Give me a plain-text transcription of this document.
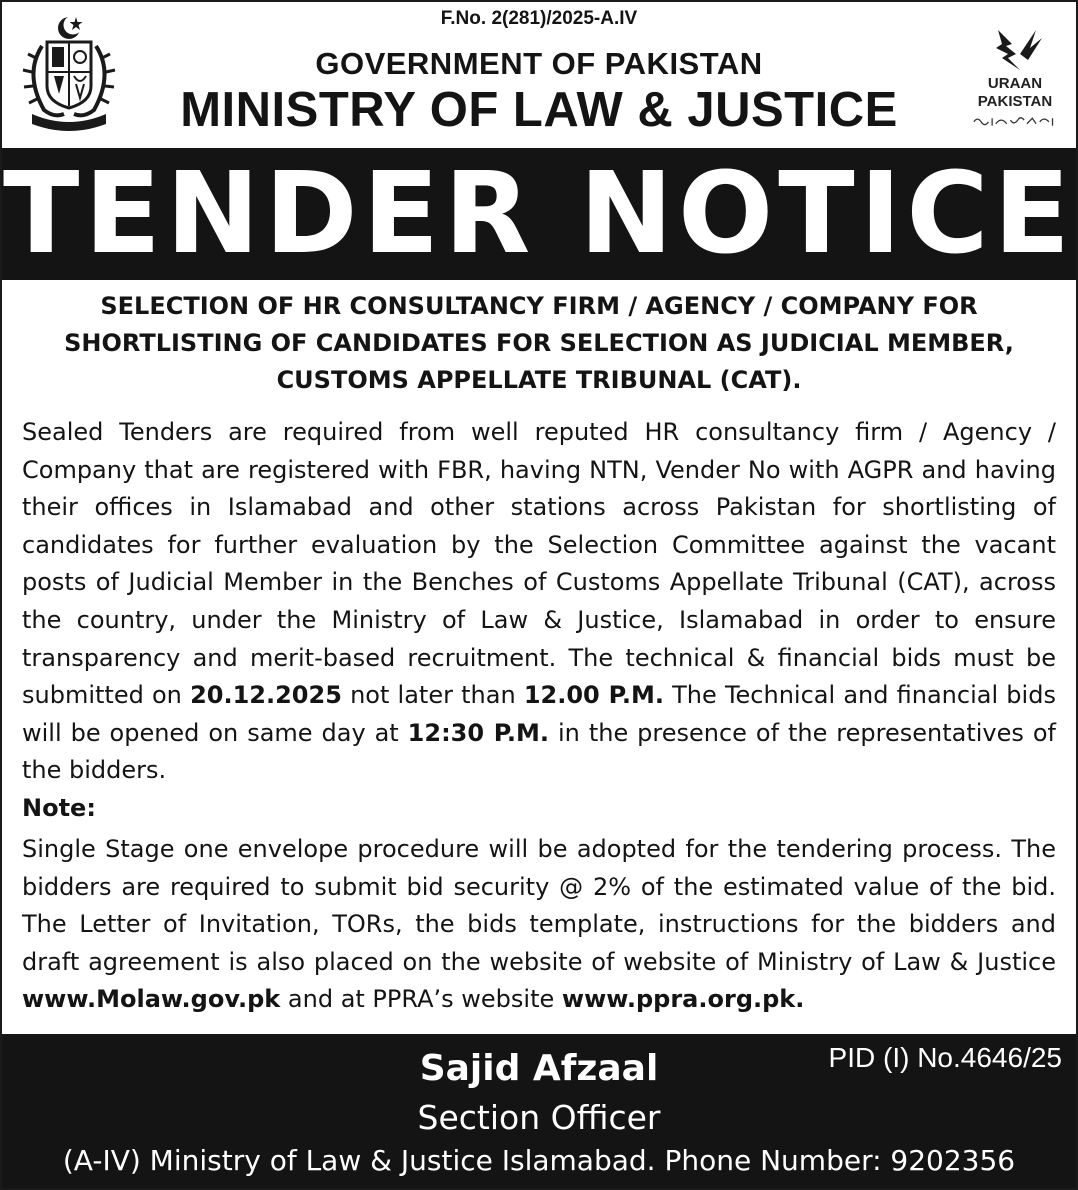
F.No. 2(281)/2025-A.IV
GOVERNMENT OF PAKISTAN
MINISTRY OF LAW & JUSTICE	URAAN
PAKISTAN
TENDER NOTICE
SELECTION OF HR CONSULTANCY FIRM / AGENCY / COMPANY FOR
SHORTLISTING OF CANDIDATES FOR SELECTION AS JUDICIAL MEMBER,
CUSTOMS APPELLATE TRIBUNAL (CAT).
Sealed Tenders are required from well reputed HR consultancy firm / Agency / Company that are registered with FBR, having NTN, Vender No with AGPR and having their offices in Islamabad and other stations across Pakistan for shortlisting of candidates for further evaluation by the Selection Committee against the vacant posts of Judicial Member in the Benches of Customs Appellate Tribunal (CAT), across the country, under the Ministry of Law & Justice, Islamabad in order to ensure transparency and merit-based recruitment. The technical & financial bids must be submitted on 20.12.2025 not later than 12.00 P.M. The Technical and financial bids will be opened on same day at 12:30 P.M. in the presence of the representatives of the bidders.
Note:
Single Stage one envelope procedure will be adopted for the tendering process. The bidders are required to submit bid security @ 2% of the estimated value of the bid. The Letter of Invitation, TORs, the bids template, instructions for the bidders and draft agreement is also placed on the website of website of Ministry of Law & Justice www.Molaw.gov.pk and at PPRA’s website www.ppra.org.pk.
PID (I) No.4646/25
Sajid Afzaal
Section Officer
(A-IV) Ministry of Law & Justice Islamabad. Phone Number: 9202356
